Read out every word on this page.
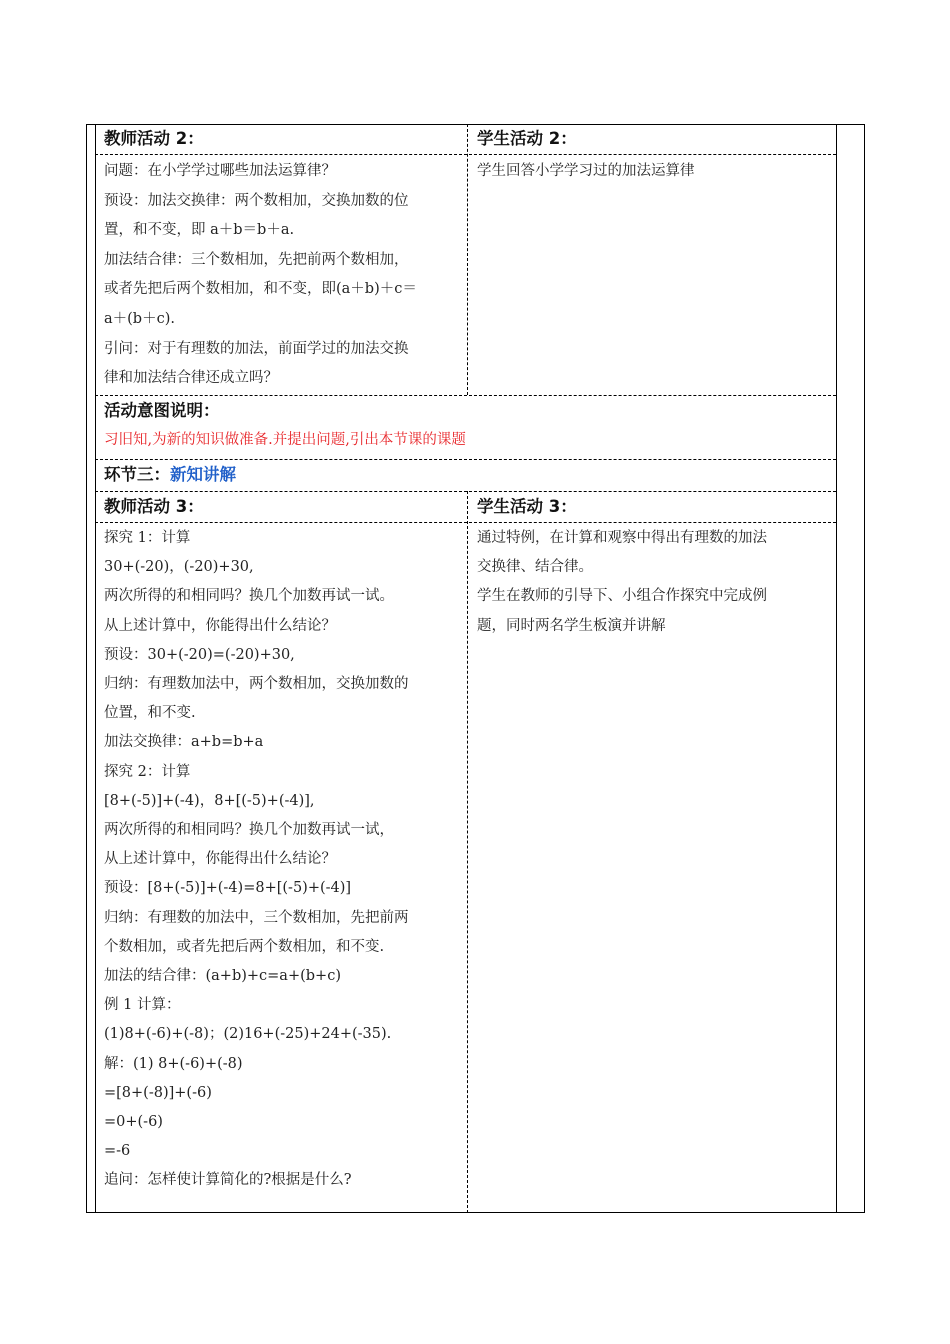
教师活动 2：
问题：在小学学过哪些加法运算律？
预设：加法交换律：两个数相加，交换加数的位
置，和不变，即 a＋b＝b＋a.
加法结合律：三个数相加，先把前两个数相加，
或者先把后两个数相加，和不变，即(a＋b)＋c＝
a＋(b＋c).
引问：对于有理数的加法，前面学过的加法交换
律和加法结合律还成立吗？
学生活动 2：
学生回答小学学习过的加法运算律
活动意图说明：
习旧知,为新的知识做准备.并提出问题,引出本节课的课题
环节三：新知讲解
教师活动 3：
探究 1：计算
30+(-20)，(-20)+30,
两次所得的和相同吗？换几个加数再试一试。
从上述计算中，你能得出什么结论？
预设：30+(-20)=(-20)+30,
归纳：有理数加法中，两个数相加，交换加数的
位置，和不变.
加法交换律：a+b=b+a
探究 2：计算
[8+(-5)]+(-4)，8+[(-5)+(-4)],
两次所得的和相同吗？换几个加数再试一试，
从上述计算中，你能得出什么结论？
预设：[8+(-5)]+(-4)=8+[(-5)+(-4)]
归纳：有理数的加法中，三个数相加，先把前两
个数相加，或者先把后两个数相加，和不变.
加法的结合律：(a+b)+c=a+(b+c)
例 1 计算：
(1)8+(-6)+(-8)；(2)16+(-25)+24+(-35).
解：(1) 8+(-6)+(-8)
=[8+(-8)]+(-6)
=0+(-6)
=-6
追问：怎样使计算简化的?根据是什么?
学生活动 3：
通过特例，在计算和观察中得出有理数的加法
交换律、结合律。
学生在教师的引导下、小组合作探究中完成例
题，同时两名学生板演并讲解
